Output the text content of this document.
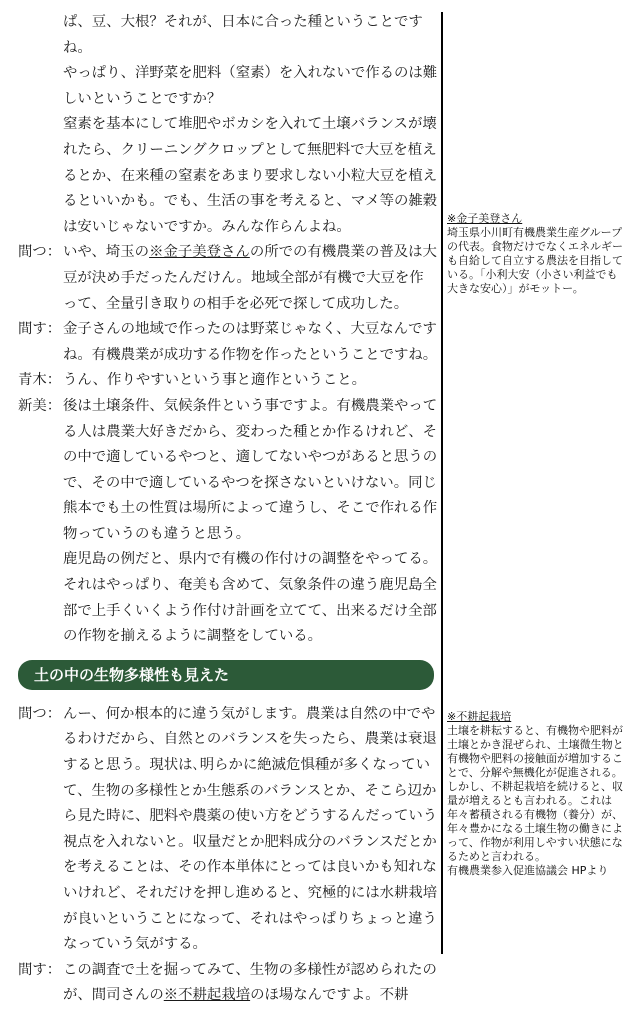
ぱ、豆、大根？それが、日本に合った種ということですね。

やっぱり、洋野菜を肥料（窒素）を入れないで作るのは難しいということですか？

窒素を基本にして堆肥やボカシを入れて土壌バランスが壊れたら、クリーニングクロップとして無肥料で大豆を植えるとか、在来種の窒素をあまり要求しない小粒大豆を植えるといいかも。でも、生活の事を考えると、マメ等の雑穀は安いじゃないですか。みんな作らんよね。

間つ： いや、埼玉の※金子美登さんの所での有機農業の普及は大豆が決め手だったんだけん。地域全部が有機で大豆を作って、全量引き取りの相手を必死で探して成功した。
間す： 金子さんの地域で作ったのは野菜じゃなく、大豆なんですね。有機農業が成功する作物を作ったということですね。
青木： うん、作りやすいという事と適作ということ。
新美： 後は土壌条件、気候条件という事ですよ。有機農業やってる人は農業大好きだから、変わった種とか作るけれど、その中で適しているやつと、適してないやつがあると思うので、その中で適しているやつを探さないといけない。同じ熊本でも土の性質は場所によって違うし、そこで作れる作物っていうのも違うと思う。

鹿児島の例だと、県内で有機の作付けの調整をやってる。それはやっぱり、奄美も含めて、気象条件の違う鹿児島全部で上手くいくよう作付け計画を立てて、出来るだけ全部の作物を揃えるように調整をしている。

土の中の生物多様性も見えた
間つ： んー、何か根本的に違う気がします。農業は自然の中でやるわけだから、自然とのバランスを失ったら、農業は衰退すると思う。現状は､明らかに絶滅危惧種が多くなっていて、生物の多様性とか生態系のバランスとか、そこら辺から見た時に、肥料や農薬の使い方をどうするんだっていう視点を入れないと。収量だとか肥料成分のバランスだとかを考えることは、その作本単体にとっては良いかも知れないけれど、それだけを押し進めると、究極的には水耕栽培が良いということになって、それはやっぱりちょっと違うなっていう気がする。
間す： この調査で土を掘ってみて、生物の多様性が認められたのが、間司さんの※不耕起栽培のほ場なんですよ。不耕
※金子美登さん
埼玉県小川町有機農業生産グループの代表。食物だけでなくエネルギーも自給して自立する農法を目指している。「小利大安（小さい利益でも大きな安心）」がモットー。
※不耕起栽培
土壌を耕耘すると、有機物や肥料が土壌とかき混ぜられ、土壌微生物と有機物や肥料の接触面が増加することで、分解や無機化が促進される。しかし、不耕起栽培を続けると、収量が増えるとも言われる。これは年々蓄積される有機物（養分）が、年々豊かになる土壌生物の働きによって、作物が利用しやすい状態になるためと言われる。
有機農業参入促進協議会 HPより
